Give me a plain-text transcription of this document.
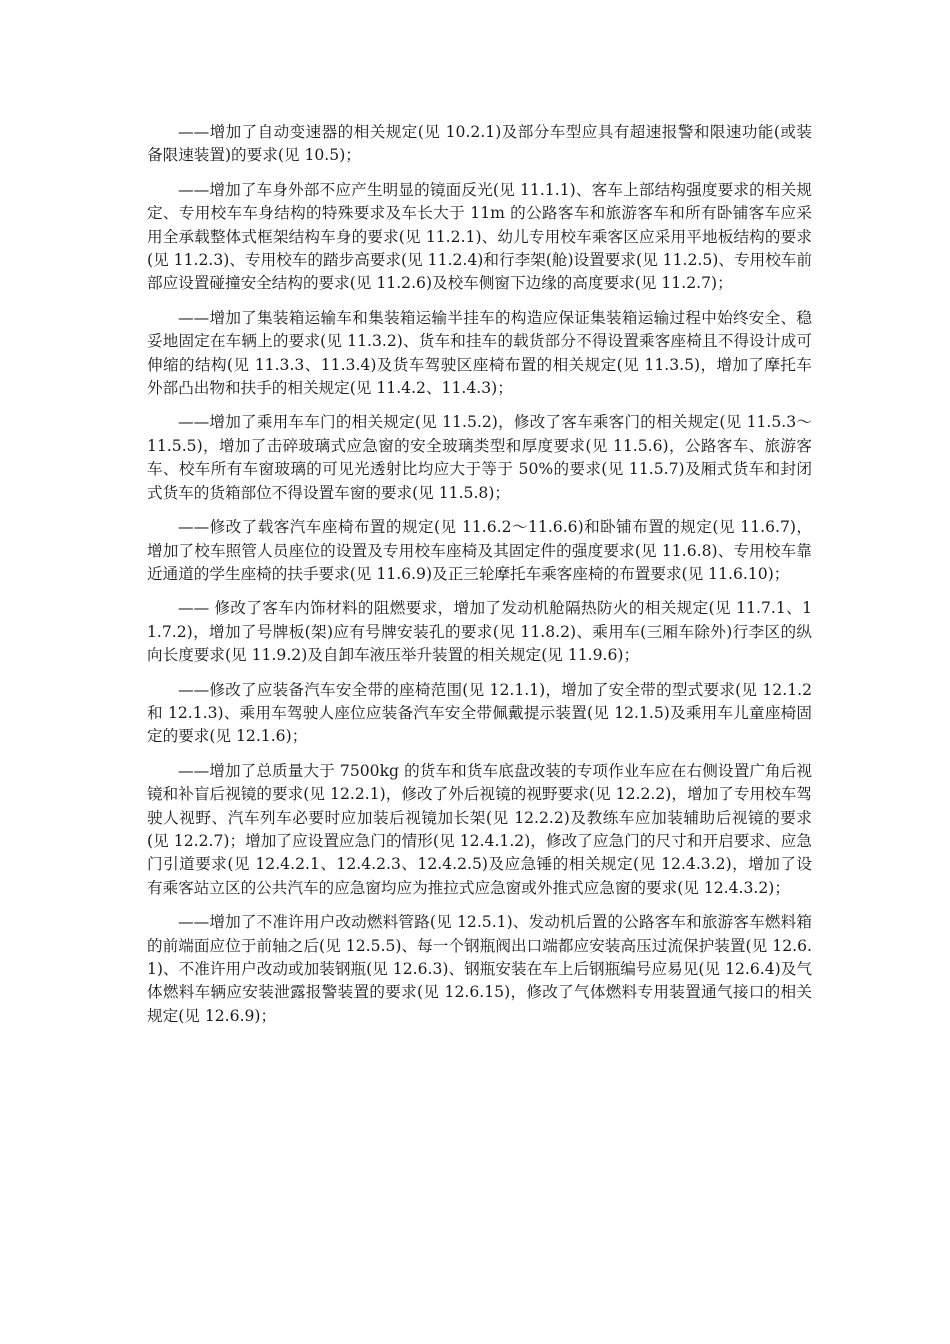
——增加了自动变速器的相关规定(见 10.2.1)及部分车型应具有超速报警和限速功能(或装备限速装置)的要求(见 10.5)；

——增加了车身外部不应产生明显的镜面反光(见 11.1.1)、客车上部结构强度要求的相关规定、专用校车车身结构的特殊要求及车长大于 11m 的公路客车和旅游客车和所有卧铺客车应采用全承载整体式框架结构车身的要求(见 11.2.1)、幼儿专用校车乘客区应采用平地板结构的要求(见 11.2.3)、专用校车的踏步高要求(见 11.2.4)和行李架(舱)设置要求(见 11.2.5)、专用校车前部应设置碰撞安全结构的要求(见 11.2.6)及校车侧窗下边缘的高度要求(见 11.2.7)；

——增加了集装箱运输车和集装箱运输半挂车的构造应保证集装箱运输过程中始终安全、稳妥地固定在车辆上的要求(见 11.3.2)、货车和挂车的载货部分不得设置乘客座椅且不得设计成可伸缩的结构(见 11.3.3、11.3.4)及货车驾驶区座椅布置的相关规定(见 11.3.5)，增加了摩托车外部凸出物和扶手的相关规定(见 11.4.2、11.4.3)；

——增加了乘用车车门的相关规定(见 11.5.2)，修改了客车乘客门的相关规定(见 11.5.3～11.5.5)，增加了击碎玻璃式应急窗的安全玻璃类型和厚度要求(见 11.5.6)，公路客车、旅游客车、校车所有车窗玻璃的可见光透射比均应大于等于 50%的要求(见 11.5.7)及厢式货车和封闭式货车的货箱部位不得设置车窗的要求(见 11.5.8)；

——修改了载客汽车座椅布置的规定(见 11.6.2～11.6.6)和卧铺布置的规定(见 11.6.7)，增加了校车照管人员座位的设置及专用校车座椅及其固定件的强度要求(见 11.6.8)、专用校车靠近通道的学生座椅的扶手要求(见 11.6.9)及正三轮摩托车乘客座椅的布置要求(见 11.6.10)；

—— 修改了客车内饰材料的阻燃要求，增加了发动机舱隔热防火的相关规定(见 11.7.1、11.7.2)，增加了号牌板(架)应有号牌安装孔的要求(见 11.8.2)、乘用车(三厢车除外)行李区的纵向长度要求(见 11.9.2)及自卸车液压举升装置的相关规定(见 11.9.6)；

——修改了应装备汽车安全带的座椅范围(见 12.1.1)，增加了安全带的型式要求(见 12.1.2 和 12.1.3)、乘用车驾驶人座位应装备汽车安全带佩戴提示装置(见 12.1.5)及乘用车儿童座椅固定的要求(见 12.1.6)；

——增加了总质量大于 7500kg 的货车和货车底盘改装的专项作业车应在右侧设置广角后视镜和补盲后视镜的要求(见 12.2.1)，修改了外后视镜的视野要求(见 12.2.2)，增加了专用校车驾驶人视野、汽车列车必要时应加装后视镜加长架(见 12.2.2)及教练车应加装辅助后视镜的要求(见 12.2.7)；增加了应设置应急门的情形(见 12.4.1.2)，修改了应急门的尺寸和开启要求、应急门引道要求(见 12.4.2.1、12.4.2.3、12.4.2.5)及应急锤的相关规定(见 12.4.3.2)，增加了设有乘客站立区的公共汽车的应急窗均应为推拉式应急窗或外推式应急窗的要求(见 12.4.3.2)；

——增加了不准许用户改动燃料管路(见 12.5.1)、发动机后置的公路客车和旅游客车燃料箱的前端面应位于前轴之后(见 12.5.5)、每一个钢瓶阀出口端都应安装高压过流保护装置(见 12.6.1)、不准许用户改动或加装钢瓶(见 12.6.3)、钢瓶安装在车上后钢瓶编号应易见(见 12.6.4)及气体燃料车辆应安装泄露报警装置的要求(见 12.6.15)，修改了气体燃料专用装置通气接口的相关规定(见 12.6.9)；
